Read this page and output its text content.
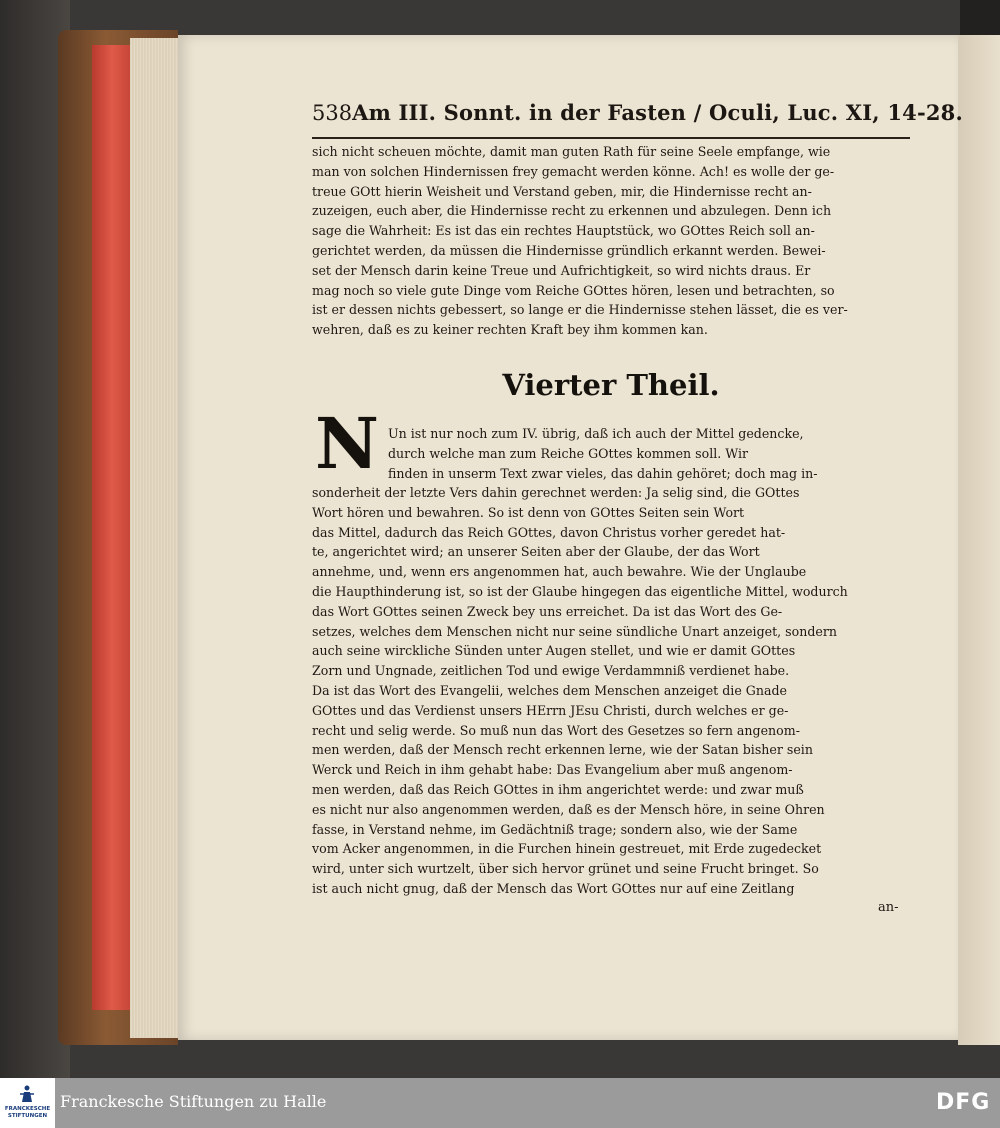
538 Am III. Sonnt. in der Fasten / Oculi, Luc. XI, 14-28.
sich nicht scheuen möchte, damit man guten Rath für seine Seele empfange, wie
man von solchen Hindernissen frey gemacht werden könne. Ach! es wolle der ge-
treue GOtt hierin Weisheit und Verstand geben, mir, die Hindernisse recht an-
zuzeigen, euch aber, die Hindernisse recht zu erkennen und abzulegen. Denn ich
sage die Wahrheit: Es ist das ein rechtes Hauptstück, wo GOttes Reich soll an-
gerichtet werden, da müssen die Hindernisse gründlich erkannt werden. Bewei-
set der Mensch darin keine Treue und Aufrichtigkeit, so wird nichts draus. Er
mag noch so viele gute Dinge vom Reiche GOttes hören, lesen und betrachten, so
ist er dessen nichts gebessert, so lange er die Hindernisse stehen lässet, die es ver-
wehren, daß es zu keiner rechten Kraft bey ihm kommen kan.
Vierter Theil.
N Un ist nur noch zum IV. übrig, daß ich auch der Mittel gedencke,
durch welche man zum Reiche GOttes kommen soll. Wir
finden in unserm Text zwar vieles, das dahin gehöret; doch mag in-
sonderheit der letzte Vers dahin gerechnet werden: Ja selig sind, die GOttes
Wort hören und bewahren. So ist denn von GOttes Seiten sein Wort
das Mittel, dadurch das Reich GOttes, davon Christus vorher geredet hat-
te, angerichtet wird; an unserer Seiten aber der Glaube, der das Wort
annehme, und, wenn ers angenommen hat, auch bewahre. Wie der Unglaube
die Haupthinderung ist, so ist der Glaube hingegen das eigentliche Mittel, wodurch
das Wort GOttes seinen Zweck bey uns erreichet. Da ist das Wort des Ge-
setzes, welches dem Menschen nicht nur seine sündliche Unart anzeiget, sondern
auch seine wirckliche Sünden unter Augen stellet, und wie er damit GOttes
Zorn und Ungnade, zeitlichen Tod und ewige Verdammniß verdienet habe.
Da ist das Wort des Evangelii, welches dem Menschen anzeiget die Gnade
GOttes und das Verdienst unsers HErrn JEsu Christi, durch welches er ge-
recht und selig werde. So muß nun das Wort des Gesetzes so fern angenom-
men werden, daß der Mensch recht erkennen lerne, wie der Satan bisher sein
Werck und Reich in ihm gehabt habe: Das Evangelium aber muß angenom-
men werden, daß das Reich GOttes in ihm angerichtet werde: und zwar muß
es nicht nur also angenommen werden, daß es der Mensch höre, in seine Ohren
fasse, in Verstand nehme, im Gedächtniß trage; sondern also, wie der Same
vom Acker angenommen, in die Furchen hinein gestreuet, mit Erde zugedecket
wird, unter sich wurtzelt, über sich hervor grünet und seine Frucht bringet. So
ist auch nicht gnug, daß der Mensch das Wort GOttes nur auf eine Zeitlang
an-
FRANCKESCHE STIFTUNGEN
Franckesche Stiftungen zu Halle	DFG
